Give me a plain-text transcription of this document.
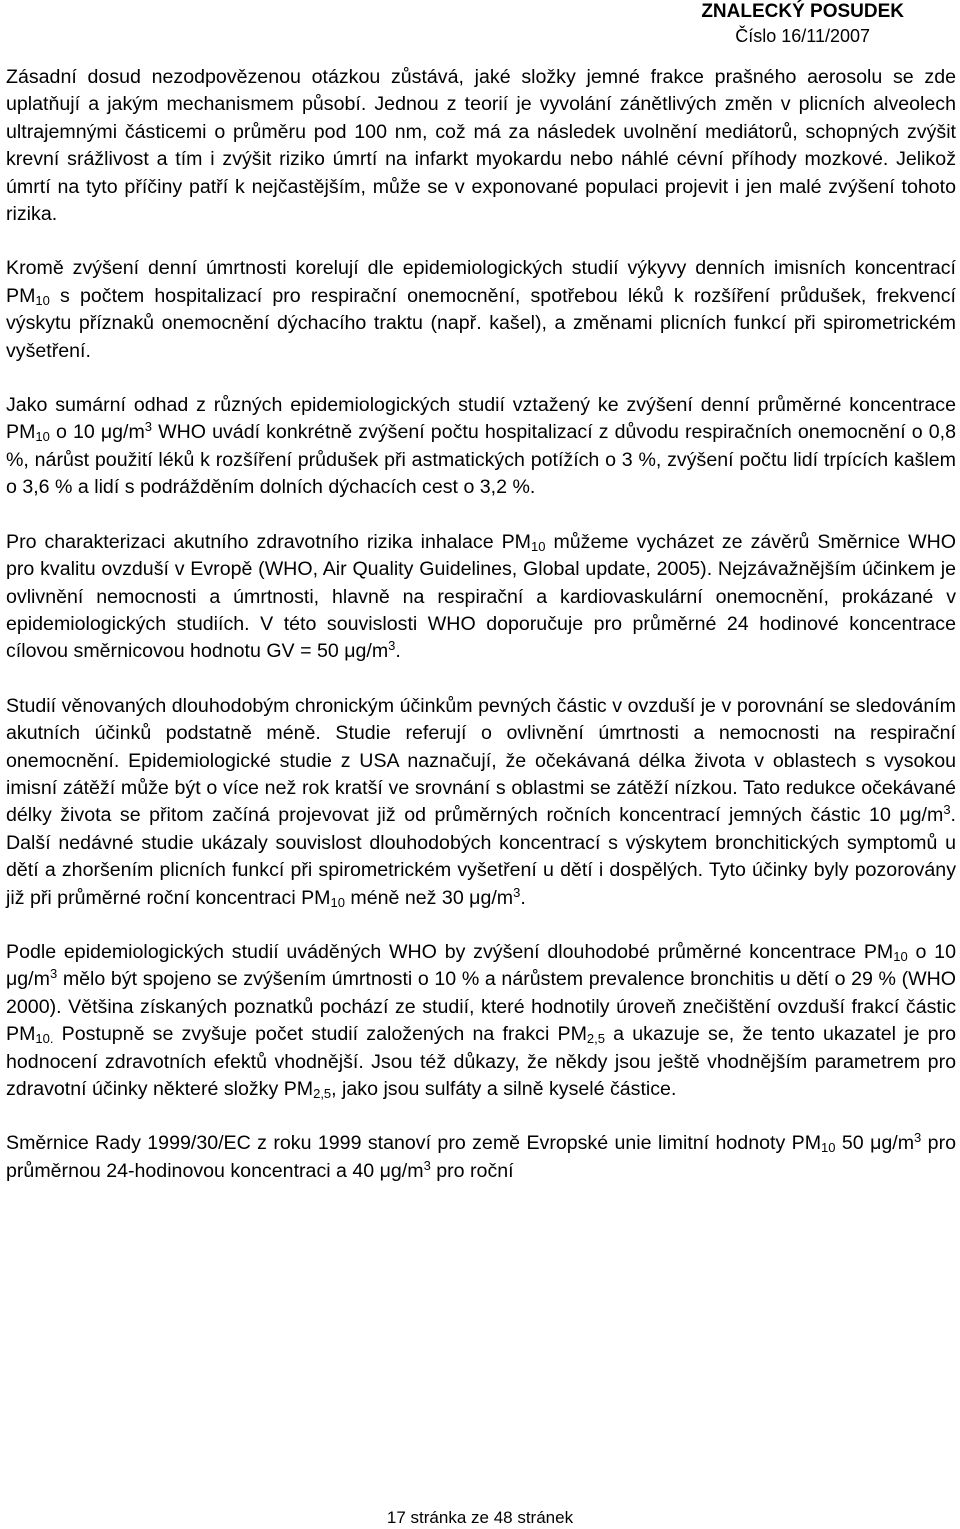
ZNALECKÝ POSUDEK
Číslo 16/11/2007

Zásadní dosud nezodpovězenou otázkou zůstává, jaké složky jemné frakce prašného aerosolu se zde uplatňují a jakým mechanismem působí. Jednou z teorií je vyvolání zánětlivých změn v plicních alveolech ultrajemnými částicemi o průměru pod 100 nm, což má za následek uvolnění mediátorů, schopných zvýšit krevní srážlivost a tím i zvýšit riziko úmrtí na infarkt myokardu nebo náhlé cévní příhody mozkové. Jelikož úmrtí na tyto příčiny patří k nejčastějším, může se v exponované populaci projevit i jen malé zvýšení tohoto rizika.

Kromě zvýšení denní úmrtnosti korelují dle epidemiologických studií výkyvy denních imisních koncentrací $PM_{10}$ s počtem hospitalizací pro respirační onemocnění, spotřebou léků k rozšíření průdušek, frekvencí výskytu příznaků onemocnění dýchacího traktu (např. kašel), a změnami plicních funkcí při spirometrickém vyšetření.

Jako sumární odhad z různých epidemiologických studií vztažený ke zvýšení denní průměrné koncentrace $PM_{10}$ o 10 $\mu g/m^3$ WHO uvádí konkrétně zvýšení počtu hospitalizací z důvodu respiračních onemocnění o 0,8 %, nárůst použití léků k rozšíření průdušek při astmatických potížích o 3 %, zvýšení počtu lidí trpících kašlem o 3,6 % a lidí s podrážděním dolních dýchacích cest o 3,2 %.

Pro charakterizaci akutního zdravotního rizika inhalace $PM_{10}$ můžeme vycházet ze závěrů Směrnice WHO pro kvalitu ovzduší v Evropě (WHO, Air Quality Guidelines, Global update, 2005). Nejzávažnějším účinkem je ovlivnění nemocnosti a úmrtnosti, hlavně na respirační a kardiovaskulární onemocnění, prokázané v epidemiologických studiích. V této souvislosti WHO doporučuje pro průměrné 24 hodinové koncentrace cílovou směrnicovou hodnotu GV = 50 $\mu g/m^3$.

Studií věnovaných dlouhodobým chronickým účinkům pevných částic v ovzduší je v porovnání se sledováním akutních účinků podstatně méně. Studie referují o ovlivnění úmrtnosti a nemocnosti na respirační onemocnění. Epidemiologické studie z USA naznačují, že očekávaná délka života v oblastech s vysokou imisní zátěží může být o více než rok kratší ve srovnání s oblastmi se zátěží nízkou. Tato redukce očekávané délky života se přitom začíná projevovat již od průměrných ročních koncentrací jemných částic 10 $\mu g/m^3$. Další nedávné studie ukázaly souvislost dlouhodobých koncentrací s výskytem bronchitických symptomů u dětí a zhoršením plicních funkcí při spirometrickém vyšetření u dětí i dospělých. Tyto účinky byly pozorovány již při průměrné roční koncentraci $PM_{10}$ méně než 30 $\mu g/m^3$.

Podle epidemiologických studií uváděných WHO by zvýšení dlouhodobé průměrné koncentrace $PM_{10}$ o 10 $\mu g/m^3$ mělo být spojeno se zvýšením úmrtnosti o 10 % a nárůstem prevalence bronchitis u dětí o 29 % (WHO 2000). Většina získaných poznatků pochází ze studií, které hodnotily úroveň znečištění ovzduší frakcí částic $PM_{10.}$ Postupně se zvyšuje počet studií založených na frakci $PM_{2,5}$ a ukazuje se, že tento ukazatel je pro hodnocení zdravotních efektů vhodnější. Jsou též důkazy, že někdy jsou ještě vhodnějším parametrem pro zdravotní účinky některé složky $PM_{2,5}$, jako jsou sulfáty a silně kyselé částice.

Směrnice Rady 1999/30/EC z roku 1999 stanoví pro země Evropské unie limitní hodnoty $PM_{10}$ 50 $\mu g/m^3$ pro průměrnou 24-hodinovou koncentraci a 40 $\mu g/m^3$ pro roční

17 stránka ze 48 stránek
